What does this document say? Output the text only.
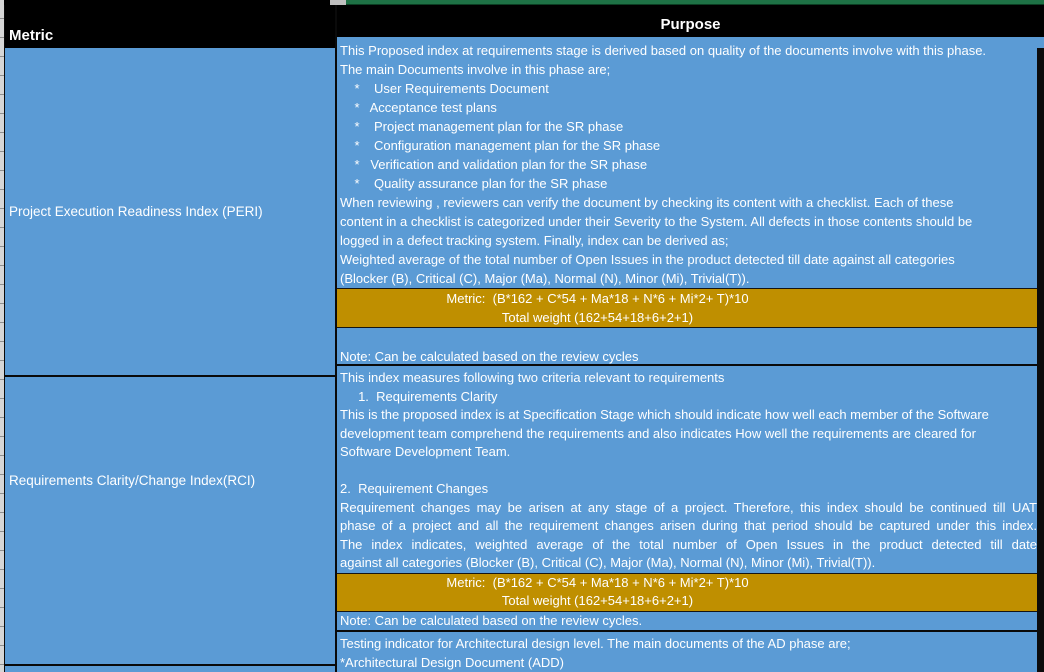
Metric
Project Execution Readiness Index (PERI)
Requirements Clarity/Change Index(RCI)
Purpose
This Proposed index at requirements stage is derived based on quality of the documents involve with this phase.
The main Documents involve in this phase are;
*    User Requirements Document
*   Acceptance test plans
*    Project management plan for the SR phase
*    Configuration management plan for the SR phase
*   Verification and validation plan for the SR phase
*    Quality assurance plan for the SR phase
When reviewing , reviewers can verify the document by checking its content with a checklist. Each of these
content in a checklist is categorized under their Severity to the System. All defects in those contents should be
logged in a defect tracking system. Finally, index can be derived as;
Weighted average of the total number of Open Issues in the product detected till date against all categories
(Blocker (B), Critical (C), Major (Ma), Normal (N), Minor (Mi), Trivial(T)).
Metric:  (B*162 + C*54 + Ma*18 + N*6 + Mi*2+ T)*10
Total weight (162+54+18+6+2+1)
Note: Can be calculated based on the review cycles
This index measures following two criteria relevant to requirements
1.  Requirements Clarity
This is the proposed index is at Specification Stage which should indicate how well each member of the Software
development team comprehend the requirements and also indicates How well the requirements are cleared for
Software Development Team.
2.  Requirement Changes
Requirement changes may be arisen at any stage of a project. Therefore, this index should be continued till UAT
phase of a project and all the requirement changes arisen during that period should be captured under this index.
The index indicates, weighted average of the total number of Open Issues in the product detected till date
against all categories (Blocker (B), Critical (C), Major (Ma), Normal (N), Minor (Mi), Trivial(T)).
Metric:  (B*162 + C*54 + Ma*18 + N*6 + Mi*2+ T)*10
Total weight (162+54+18+6+2+1)
Note: Can be calculated based on the review cycles.
Testing indicator for Architectural design level. The main documents of the AD phase are;
*Architectural Design Document (ADD)
